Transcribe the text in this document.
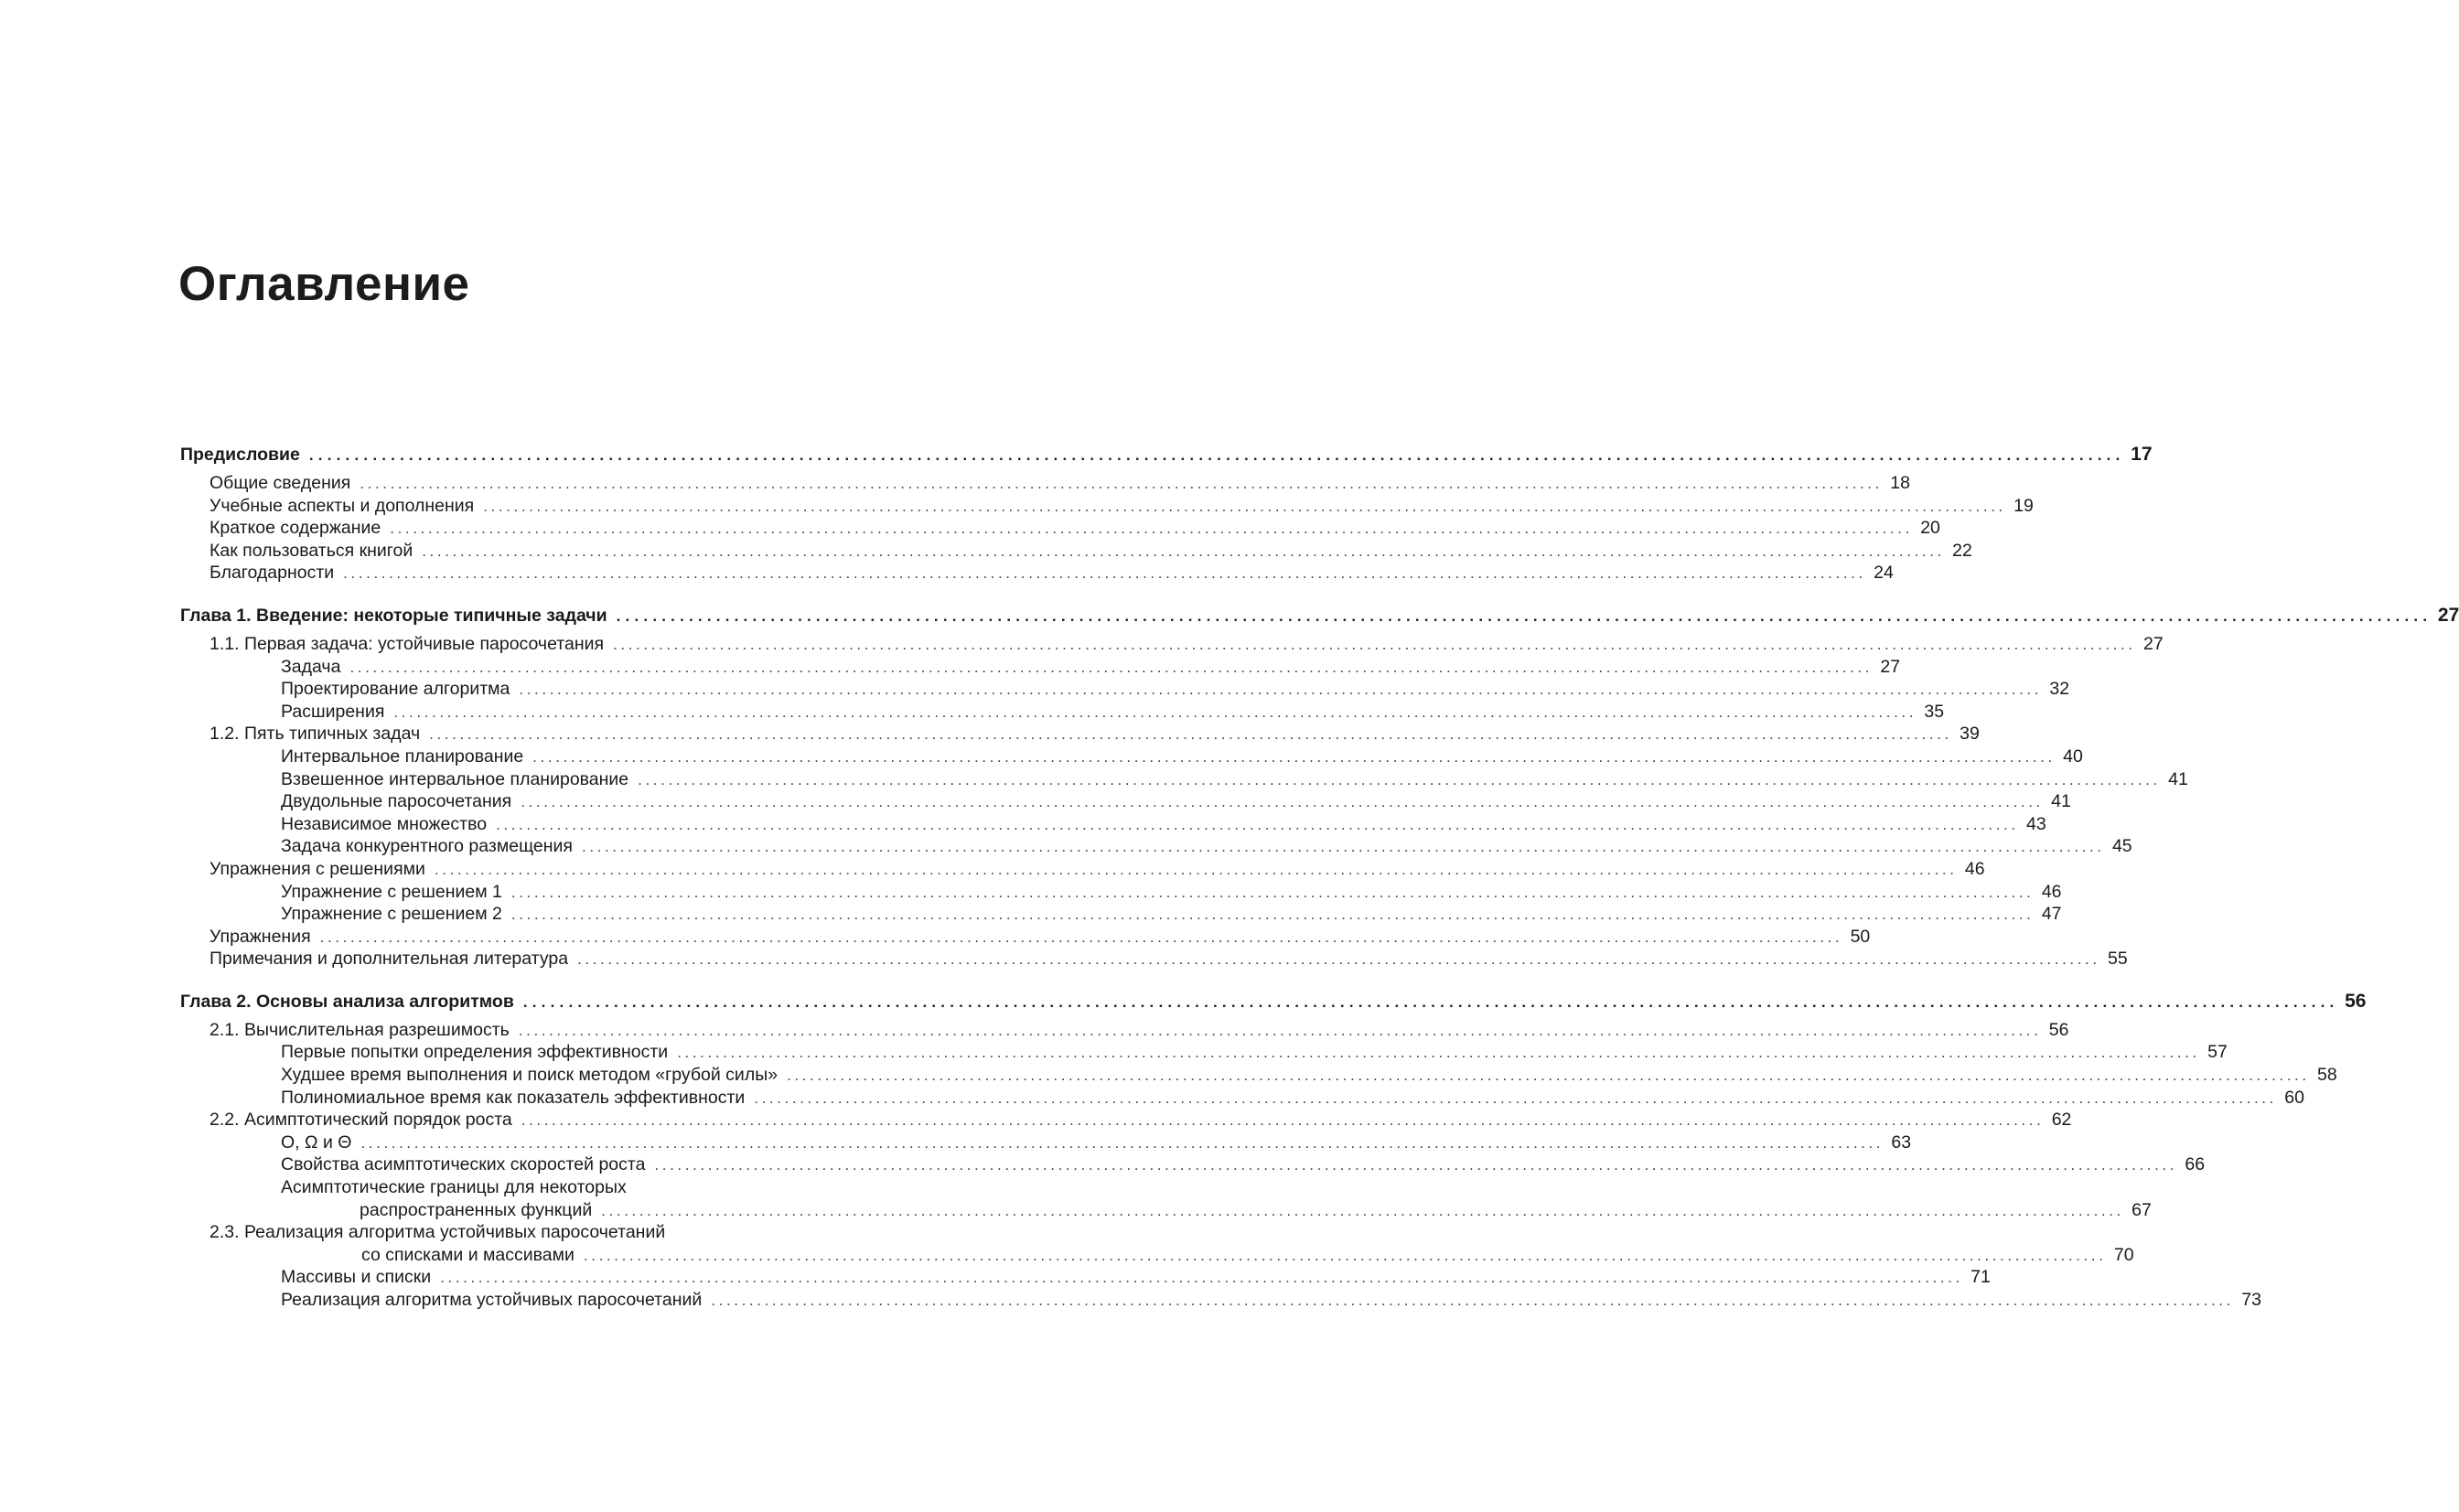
Оглавление
Предисловие ........................................................................................................................................................................................................ 17
Общие сведения ........................................................................................................................................................................................................ 18
Учебные аспекты и дополнения ........................................................................................................................................................................................................ 19
Краткое содержание ........................................................................................................................................................................................................ 20
Как пользоваться книгой ........................................................................................................................................................................................................ 22
Благодарности ........................................................................................................................................................................................................ 24
Глава 1. Введение: некоторые типичные задачи ........................................................................................................................................................................................................ 27
1.1. Первая задача: устойчивые паросочетания ........................................................................................................................................................................................................ 27
Задача ........................................................................................................................................................................................................ 27
Проектирование алгоритма ........................................................................................................................................................................................................ 32
Расширения ........................................................................................................................................................................................................ 35
1.2. Пять типичных задач ........................................................................................................................................................................................................ 39
Интервальное планирование ........................................................................................................................................................................................................ 40
Взвешенное интервальное планирование ........................................................................................................................................................................................................ 41
Двудольные паросочетания ........................................................................................................................................................................................................ 41
Независимое множество ........................................................................................................................................................................................................ 43
Задача конкурентного размещения ........................................................................................................................................................................................................ 45
Упражнения с решениями ........................................................................................................................................................................................................ 46
Упражнение с решением 1 ........................................................................................................................................................................................................ 46
Упражнение с решением 2 ........................................................................................................................................................................................................ 47
Упражнения ........................................................................................................................................................................................................ 50
Примечания и дополнительная литература ........................................................................................................................................................................................................ 55
Глава 2. Основы анализа алгоритмов ........................................................................................................................................................................................................ 56
2.1. Вычислительная разрешимость ........................................................................................................................................................................................................ 56
Первые попытки определения эффективности ........................................................................................................................................................................................................ 57
Худшее время выполнения и поиск методом «грубой силы» ........................................................................................................................................................................................................ 58
Полиномиальное время как показатель эффективности ........................................................................................................................................................................................................ 60
2.2. Асимптотический порядок роста ........................................................................................................................................................................................................ 62
O, Ω и Θ ........................................................................................................................................................................................................ 63
Свойства асимптотических скоростей роста ........................................................................................................................................................................................................ 66
Асимптотические границы для некоторых
распространенных функций ........................................................................................................................................................................................................ 67
2.3. Реализация алгоритма устойчивых паросочетаний
со списками и массивами ........................................................................................................................................................................................................ 70
Массивы и списки ........................................................................................................................................................................................................ 71
Реализация алгоритма устойчивых паросочетаний ........................................................................................................................................................................................................ 73
